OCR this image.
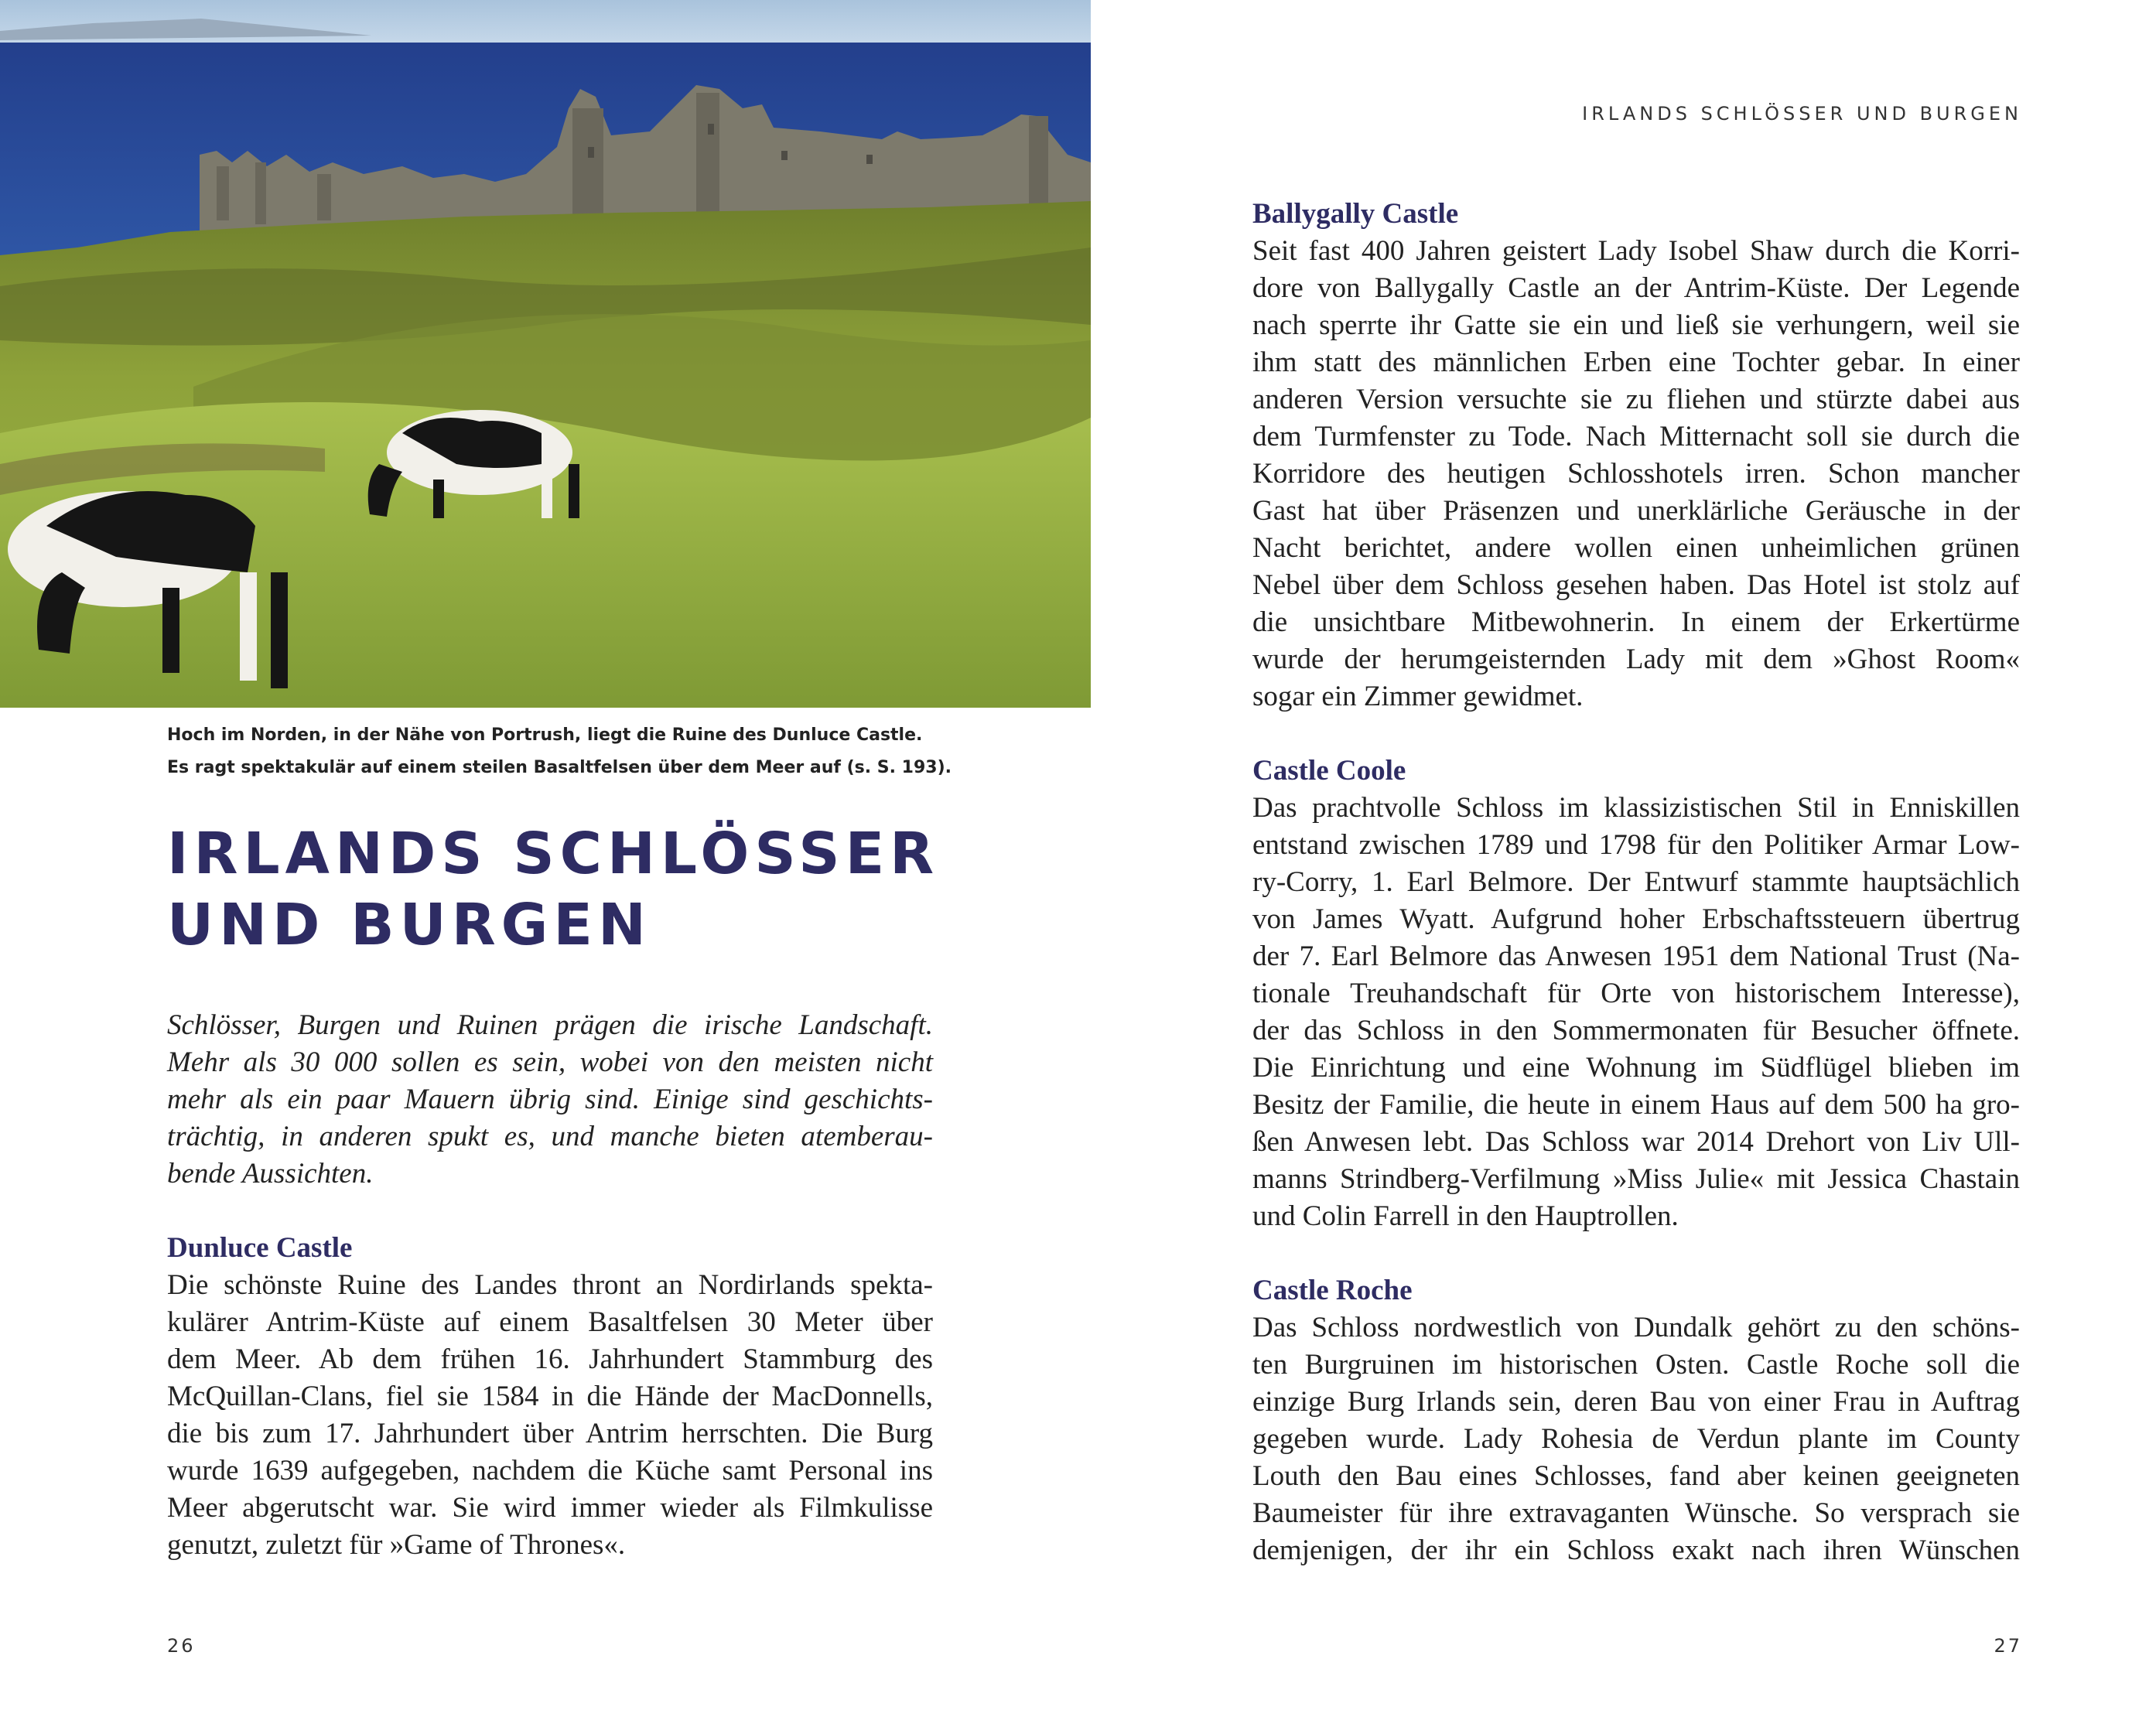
Hoch im Norden, in der Nähe von Portrush, liegt die Ruine des Dunluce Castle.
Es ragt spektakulär auf einem steilen Basaltfelsen über dem Meer auf (s. S. 193).
IRLANDS SCHLÖSSER
UND BURGEN

Schlösser, Burgen und Ruinen prägen die irische Landschaft.
Mehr als 30 000 sollen es sein, wobei von den meisten nicht
mehr als ein paar Mauern übrig sind. Einige sind geschichts-
trächtig, in anderen spukt es, und manche bieten atemberau-
bende Aussichten.

Dunluce Castle

Die schönste Ruine des Landes thront an Nordirlands spekta-
kulärer Antrim-Küste auf einem Basaltfelsen 30 Meter über
dem Meer. Ab dem frühen 16. Jahrhundert Stammburg des
McQuillan-Clans, fiel sie 1584 in die Hände der MacDonnells,
die bis zum 17. Jahrhundert über Antrim herrschten. Die Burg
wurde 1639 aufgegeben, nachdem die Küche samt Personal ins
Meer abgerutscht war. Sie wird immer wieder als Filmkulisse
genutzt, zuletzt für »Game of Thrones«.

26

IRLANDS SCHLÖSSER UND BURGEN

Ballygally Castle

Seit fast 400 Jahren geistert Lady Isobel Shaw durch die Korri-
dore von Ballygally Castle an der Antrim-Küste. Der Legende
nach sperrte ihr Gatte sie ein und ließ sie verhungern, weil sie
ihm statt des männlichen Erben eine Tochter gebar. In einer
anderen Version versuchte sie zu fliehen und stürzte dabei aus
dem Turmfenster zu Tode. Nach Mitternacht soll sie durch die
Korridore des heutigen Schlosshotels irren. Schon mancher
Gast hat über Präsenzen und unerklärliche Geräusche in der
Nacht berichtet, andere wollen einen unheimlichen grünen
Nebel über dem Schloss gesehen haben. Das Hotel ist stolz auf
die unsichtbare Mitbewohnerin. In einem der Erkertürme
wurde der herumgeisternden Lady mit dem »Ghost Room«
sogar ein Zimmer gewidmet.

Castle Coole

Das prachtvolle Schloss im klassizistischen Stil in Enniskillen
entstand zwischen 1789 und 1798 für den Politiker Armar Low-
ry-Corry, 1. Earl Belmore. Der Entwurf stammte hauptsächlich
von James Wyatt. Aufgrund hoher Erbschaftssteuern übertrug
der 7. Earl Belmore das Anwesen 1951 dem National Trust (Na-
tionale Treuhandschaft für Orte von historischem Interesse),
der das Schloss in den Sommermonaten für Besucher öffnete.
Die Einrichtung und eine Wohnung im Südflügel blieben im
Besitz der Familie, die heute in einem Haus auf dem 500 ha gro-
ßen Anwesen lebt. Das Schloss war 2014 Drehort von Liv Ull-
manns Strindberg-Verfilmung »Miss Julie« mit Jessica Chastain
und Colin Farrell in den Hauptrollen.

Castle Roche

Das Schloss nordwestlich von Dundalk gehört zu den schöns-
ten Burgruinen im historischen Osten. Castle Roche soll die
einzige Burg Irlands sein, deren Bau von einer Frau in Auftrag
gegeben wurde. Lady Rohesia de Verdun plante im County
Louth den Bau eines Schlosses, fand aber keinen geeigneten
Baumeister für ihre extravaganten Wünsche. So versprach sie
demjenigen, der ihr ein Schloss exakt nach ihren Wünschen

27
